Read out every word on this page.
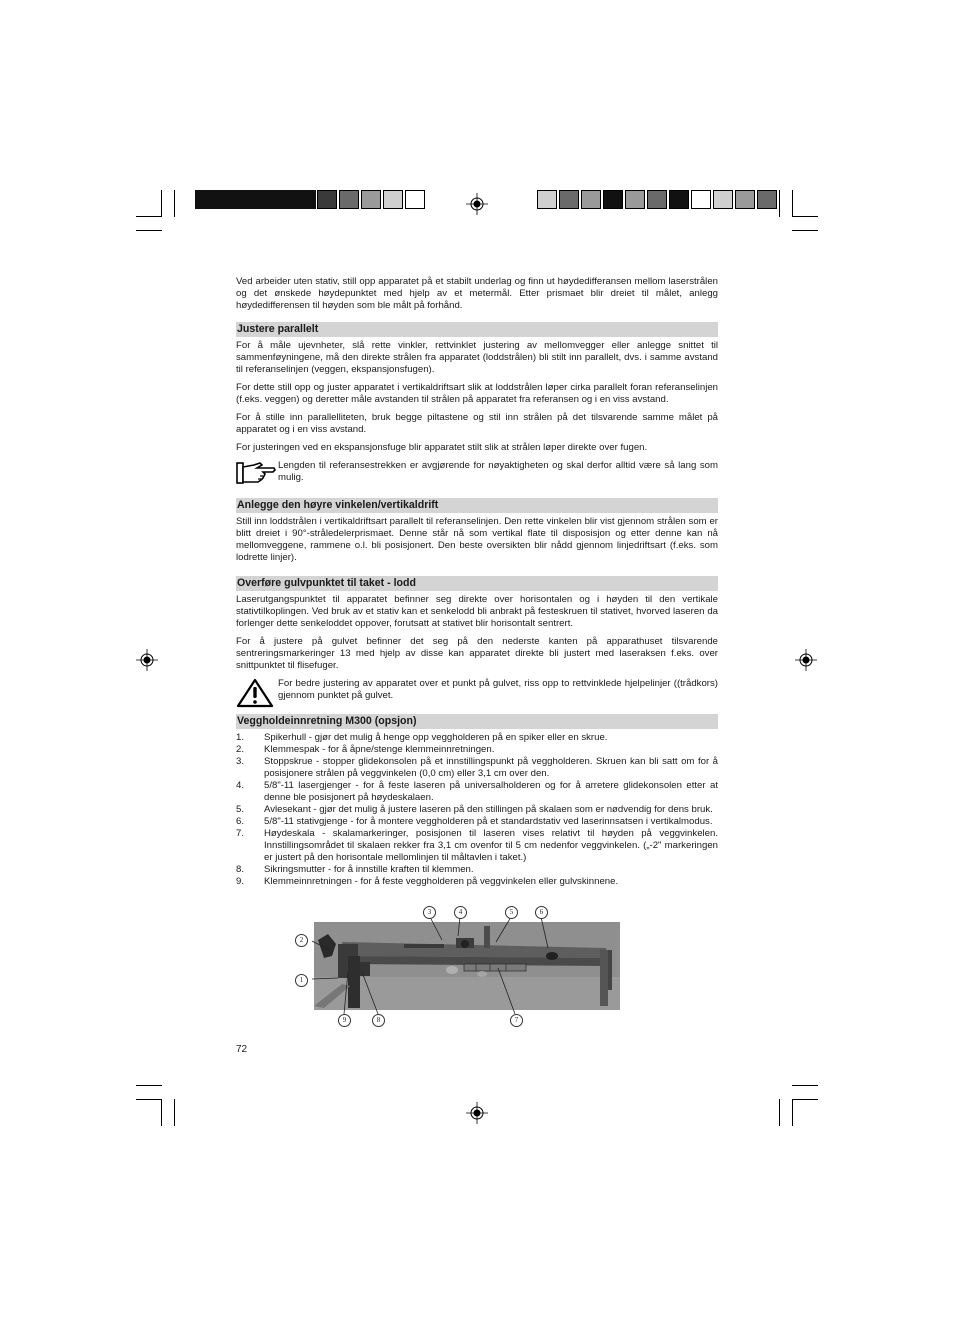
Ved arbeider uten stativ, still opp apparatet på et stabilt underlag og finn ut høydedifferansen mellom laserstrålen og det ønskede høydepunktet med hjelp av et metermål. Etter prismaet blir dreiet til målet, anlegg høydedifferensen til høyden som ble målt på forhånd.

Justere parallelt

For å måle ujevnheter, slå rette vinkler, rettvinklet justering av mellomvegger eller anlegge snittet til sammenføyningene, må den direkte strålen fra apparatet (loddstrålen) bli stilt inn parallelt, dvs. i samme avstand til referanselinjen (veggen, ekspansjonsfugen).

For dette still opp og juster apparatet i vertikaldriftsart slik at loddstrålen løper cirka parallelt foran referanselinjen (f.eks. veggen) og deretter måle avstanden til strålen på apparatet fra referansen og i en viss avstand.

For å stille inn parallelliteten, bruk begge piltastene og stil inn strålen på det tilsvarende samme målet på apparatet og i en viss avstand.

For justeringen ved en ekspansjonsfuge blir apparatet stilt slik at strålen løper direkte over fugen.

Lengden til referansestrekken er avgjørende for nøyaktigheten og skal derfor alltid være så lang som mulig.
Anlegge den høyre vinkelen/vertikaldrift

Still inn loddstrålen i vertikaldriftsart parallelt til referanselinjen. Den rette vinkelen blir vist gjennom strålen som er blitt dreiet i 90°-stråledelerprismaet. Denne står nå som vertikal flate til disposisjon og etter denne kan nå mellomveggene, rammene o.l. bli posisjonert. Den beste oversikten blir nådd gjennom linjedriftsart (f.eks. som lodrette linjer).

Overføre gulvpunktet til taket - lodd

Laserutgangspunktet til apparatet befinner seg direkte over horisontalen og i høyden til den vertikale stativtilkoplingen. Ved bruk av et stativ kan et senkelodd bli anbrakt på festeskruen til stativet, hvorved laseren da forlenger dette senkeloddet oppover, forutsatt at stativet blir horisontalt sentrert.

For å justere på gulvet befinner det seg på den nederste kanten på apparathuset tilsvarende sentreringsmarkeringer 13 med hjelp av disse kan apparatet direkte bli justert med laseraksen f.eks. over snittpunktet til flisefuger.

For bedre justering av apparatet over et punkt på gulvet, riss opp to rettvinklede hjelpelinjer ((trådkors) gjennom punktet på gulvet.
Veggholdeinnretning M300 (opsjon)
1.	Spikerhull - gjør det mulig å henge opp veggholderen på en spiker eller en skrue.
2.	Klemmespak - for å åpne/stenge klemmeinnretningen.
3.	Stoppskrue - stopper glidekonsolen på et innstillingspunkt på veggholderen. Skruen kan bli satt om for å posisjonere strålen på veggvinkelen (0,0 cm) eller 3,1 cm over den.
4.	5/8"-11 lasergjenger - for å feste laseren på universalholderen og for å arretere glidekonsolen etter at denne ble posisjonert på høydeskalaen.
5.	Avlesekant - gjør det mulig å justere laseren på den stillingen på skalaen som er nødvendig for dens bruk.
6.	5/8"-11 stativgjenge - for å montere veggholderen på et standardstativ ved laserinnsatsen i vertikalmodus.
7.	Høydeskala - skalamarkeringer, posisjonen til laseren vises relativt til høyden på veggvinkelen. Innstillingsområdet til skalaen rekker fra 3,1 cm ovenfor til 5 cm nedenfor veggvinkelen. („-2" markeringen er justert på den horisontale mellomlinjen til måltavlen i taket.)
8.	Sikringsmutter - for å innstille kraften til klemmen.
9.	Klemmeinnretningen - for å feste veggholderen på veggvinkelen eller gulvskinnene.
1
2
3	4	5	6
7
8
9
72
